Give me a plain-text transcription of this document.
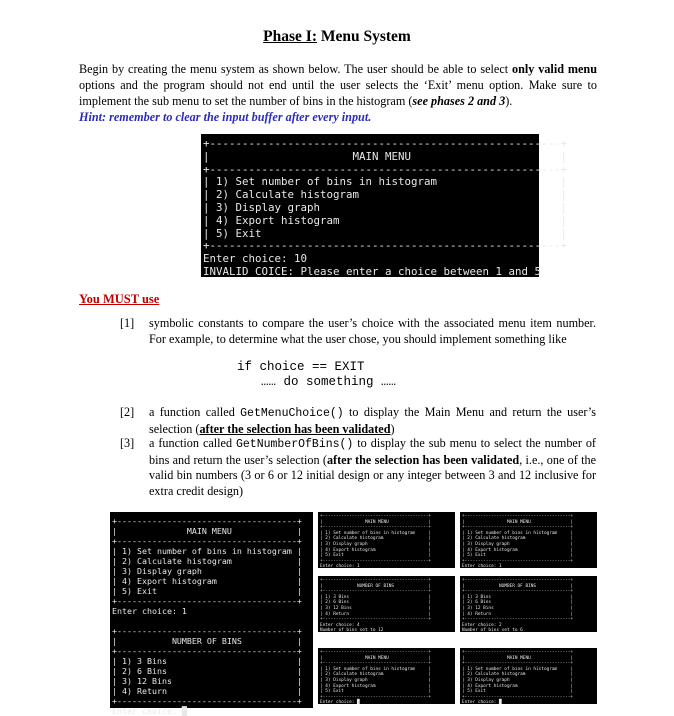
Phase I: Menu System
Begin by creating the menu system as shown below. The user should be able to select only valid menu options and the program should not end until the user selects the ‘Exit’ menu option. Make sure to implement the sub menu to set the number of bins in the histogram (see phases 2 and 3).
Hint: remember to clear the input buffer after every input.
+------------------------------------------------------+
|                      MAIN MENU                       |
+------------------------------------------------------+
| 1) Set number of bins in histogram                   |
| 2) Calculate histogram                               |
| 3) Display graph                                     |
| 4) Export histogram                                  |
| 5) Exit                                              |
+------------------------------------------------------+
Enter choice: 10
INVALID COICE: Please enter a choice between 1 and 5
You MUST use
[1] symbolic constants to compare the user’s choice with the associated menu item number. For example, to determine what the user chose, you should implement something like
if choice == EXIT
…… do something ……
[2] a function called GetMenuChoice() to display the Main Menu and return the user’s selection (after the selection has been validated)
[3] a function called GetNumberOfBins() to display the sub menu to select the number of bins and return the user’s selection (after the selection has been validated, i.e., one of the valid bin numbers (3 or 6 or 12 initial design or any integer between 3 and 12 inclusive for extra credit design)
+------------------------------------+
|              MAIN MENU             |
+------------------------------------+
| 1) Set number of bins in histogram |
| 2) Calculate histogram             |
| 3) Display graph                   |
| 4) Export histogram                |
| 5) Exit                            |
+------------------------------------+
Enter choice: 1

+------------------------------------+
|           NUMBER OF BINS           |
+------------------------------------+
| 1) 3 Bins                          |
| 2) 6 Bins                          |
| 3) 12 Bins                         |
| 4) Return                          |
+------------------------------------+
Enter choice: █
+----------------------------------------+
|                MAIN MENU               |
+----------------------------------------+
| 1) Set number of bins in histogram     |
| 2) Calculate histogram                 |
| 3) Display graph                       |
| 4) Export histogram                    |
| 5) Exit                                |
+----------------------------------------+
Enter choice: 1
+----------------------------------------+
|                MAIN MENU               |
+----------------------------------------+
| 1) Set number of bins in histogram     |
| 2) Calculate histogram                 |
| 3) Display graph                       |
| 4) Export histogram                    |
| 5) Exit                                |
+----------------------------------------+
Enter choice: 1
+----------------------------------------+
|             NUMBER OF BINS             |
+----------------------------------------+
| 1) 3 Bins                              |
| 2) 6 Bins                              |
| 3) 12 Bins                             |
| 4) Return                              |
+----------------------------------------+
Enter choice: 4
Number of bins set to 12
+----------------------------------------+
|             NUMBER OF BINS             |
+----------------------------------------+
| 1) 3 Bins                              |
| 2) 6 Bins                              |
| 3) 12 Bins                             |
| 4) Return                              |
+----------------------------------------+
Enter choice: 2
Number of bins set to 6
+----------------------------------------+
|                MAIN MENU               |
+----------------------------------------+
| 1) Set number of bins in histogram     |
| 2) Calculate histogram                 |
| 3) Display graph                       |
| 4) Export histogram                    |
| 5) Exit                                |
+----------------------------------------+
Enter choice: █
+----------------------------------------+
|                MAIN MENU               |
+----------------------------------------+
| 1) Set number of bins in histogram     |
| 2) Calculate histogram                 |
| 3) Display graph                       |
| 4) Export histogram                    |
| 5) Exit                                |
+----------------------------------------+
Enter choice: █
